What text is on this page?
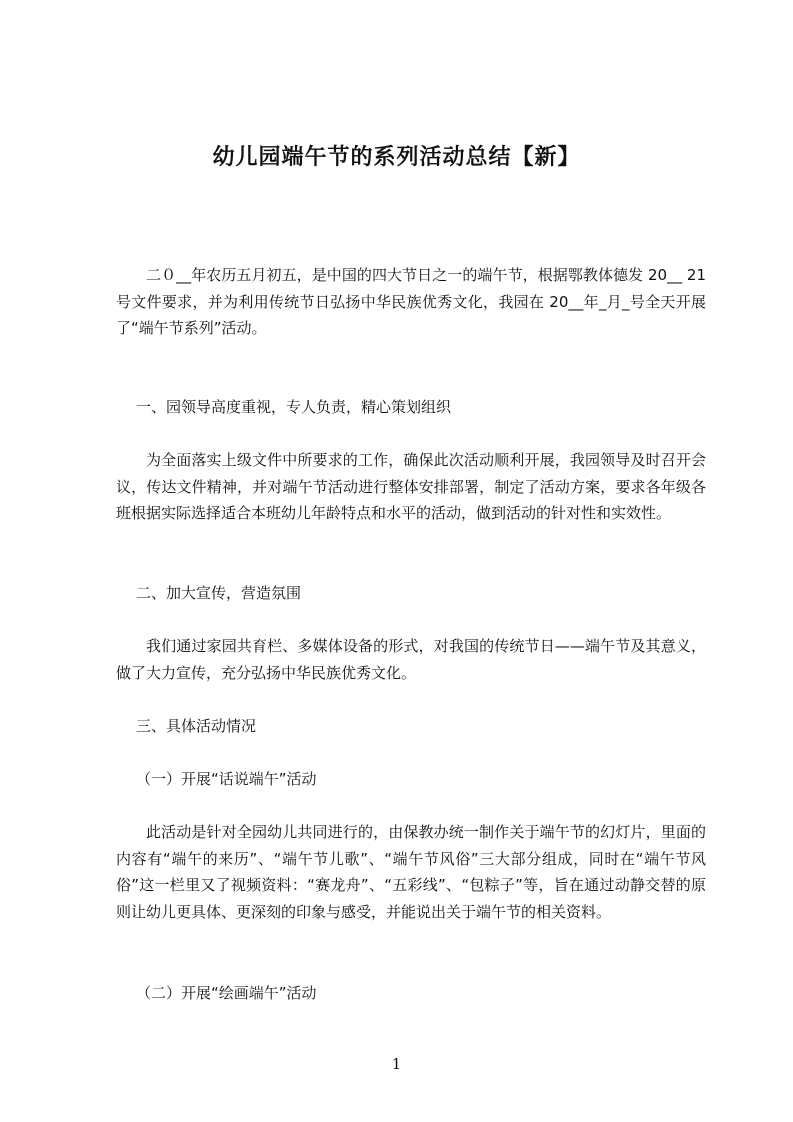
幼儿园端午节的系列活动总结【新】

二０__年农历五月初五，是中国的四大节日之一的端午节，根据鄂教体德发 20__ 21 号文件要求，并为利用传统节日弘扬中华民族优秀文化，我园在 20__年_月_号全天开展了“端午节系列”活动。

一、园领导高度重视，专人负责，精心策划组织

为全面落实上级文件中所要求的工作，确保此次活动顺利开展，我园领导及时召开会议，传达文件精神，并对端午节活动进行整体安排部署，制定了活动方案，要求各年级各班根据实际选择适合本班幼儿年龄特点和水平的活动，做到活动的针对性和实效性。

二、加大宣传，营造氛围

我们通过家园共育栏、多媒体设备的形式，对我国的传统节日——端午节及其意义，做了大力宣传，充分弘扬中华民族优秀文化。

三、具体活动情况
（一）开展“话说端午”活动

此活动是针对全园幼儿共同进行的，由保教办统一制作关于端午节的幻灯片，里面的内容有“端午的来历”、“端午节儿歌”、“端午节风俗”三大部分组成，同时在“端午节风俗”这一栏里又了视频资料：“赛龙舟”、“五彩线”、“包粽子”等，旨在通过动静交替的原则让幼儿更具体、更深刻的印象与感受，并能说出关于端午节的相关资料。

（二）开展“绘画端午”活动
1
